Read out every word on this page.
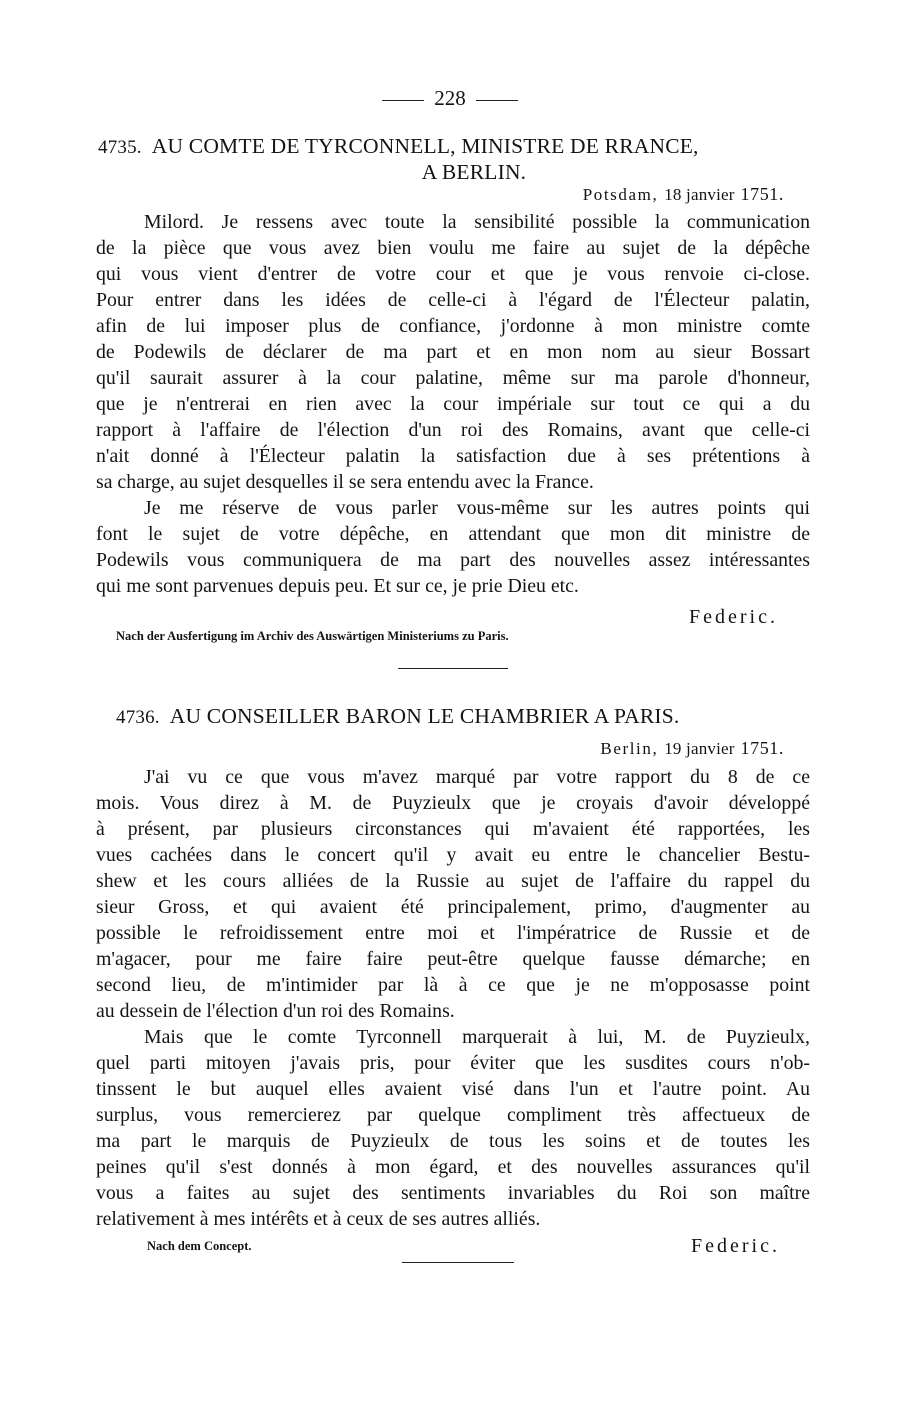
228
4735. AU COMTE DE TYRCONNELL, MINISTRE DE RRANCE,
A BERLIN.
Potsdam, 18 janvier 1751.
Milord. Je ressens avec toute la sensibilité possible la communication
de la pièce que vous avez bien voulu me faire au sujet de la dépêche
qui vous vient d'entrer de votre cour et que je vous renvoie ci-close.
Pour entrer dans les idées de celle-ci à l'égard de l'Électeur palatin,
afin de lui imposer plus de confiance, j'ordonne à mon ministre comte
de Podewils de déclarer de ma part et en mon nom au sieur Bossart
qu'il saurait assurer à la cour palatine, même sur ma parole d'honneur,
que je n'entrerai en rien avec la cour impériale sur tout ce qui a du
rapport à l'affaire de l'élection d'un roi des Romains, avant que celle-ci
n'ait donné à l'Électeur palatin la satisfaction due à ses prétentions à
sa charge, au sujet desquelles il se sera entendu avec la France.
Je me réserve de vous parler vous-même sur les autres points qui
font le sujet de votre dépêche, en attendant que mon dit ministre de
Podewils vous communiquera de ma part des nouvelles assez intéressantes
qui me sont parvenues depuis peu. Et sur ce, je prie Dieu etc.
Federic.
Nach der Ausfertigung im Archiv des Auswärtigen Ministeriums zu Paris.
4736. AU CONSEILLER BARON LE CHAMBRIER A PARIS.
Berlin, 19 janvier 1751.
J'ai vu ce que vous m'avez marqué par votre rapport du 8 de ce
mois. Vous direz à M. de Puyzieulx que je croyais d'avoir développé
à présent, par plusieurs circonstances qui m'avaient été rapportées, les
vues cachées dans le concert qu'il y avait eu entre le chancelier Bestu-
shew et les cours alliées de la Russie au sujet de l'affaire du rappel du
sieur Gross, et qui avaient été principalement, primo, d'augmenter au
possible le refroidissement entre moi et l'impératrice de Russie et de
m'agacer, pour me faire faire peut-être quelque fausse démarche; en
second lieu, de m'intimider par là à ce que je ne m'opposasse point
au dessein de l'élection d'un roi des Romains.
Mais que le comte Tyrconnell marquerait à lui, M. de Puyzieulx,
quel parti mitoyen j'avais pris, pour éviter que les susdites cours n'ob-
tinssent le but auquel elles avaient visé dans l'un et l'autre point. Au
surplus, vous remercierez par quelque compliment très affectueux de
ma part le marquis de Puyzieulx de tous les soins et de toutes les
peines qu'il s'est donnés à mon égard, et des nouvelles assurances qu'il
vous a faites au sujet des sentiments invariables du Roi son maître
relativement à mes intérêts et à ceux de ses autres alliés.
Nach dem Concept.	Federic.
